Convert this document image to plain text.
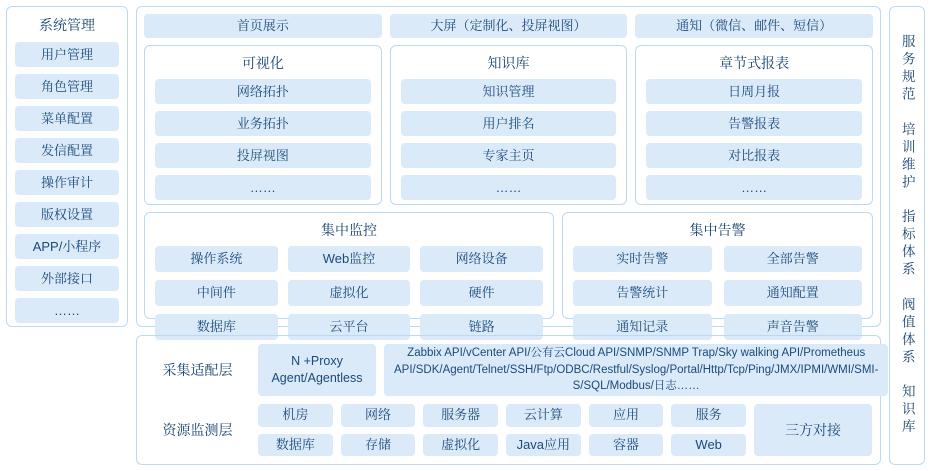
系统管理
用户管理
角色管理
菜单配置
发信配置
操作审计
版权设置
APP/小程序
外部接口
……
首页展示	大屏（定制化、投屏视图）	通知（微信、邮件、短信）
可视化
网络拓扑
业务拓扑
投屏视图
……
知识库
知识管理
用户排名
专家主页
……
章节式报表
日周月报
告警报表
对比报表
……
集中监控
操作系统	Web监控	网络设备
中间件	虚拟化	硬件
数据库	云平台	链路
集中告警
实时告警	全部告警
告警统计	通知配置
通知记录	声音告警
采集适配层
N +Proxy Agent/Agentless
Zabbix API/vCenter API/公有云Cloud API/SNMP/SNMP Trap/Sky walking API/Prometheus API/SDK/Agent/Telnet/SSH/Ftp/ODBC/Restful/Syslog/Portal/Http/Tcp/Ping/JMX/IPMI/WMI/SMI-S/SQL/Modbus/日志……
资源监测层
机房	网络	服务器	云计算	应用	服务
数据库	存储	虚拟化	Java应用	容器	Web
三方对接
服务规范
培训维护
指标体系
阀值体系
知识库
